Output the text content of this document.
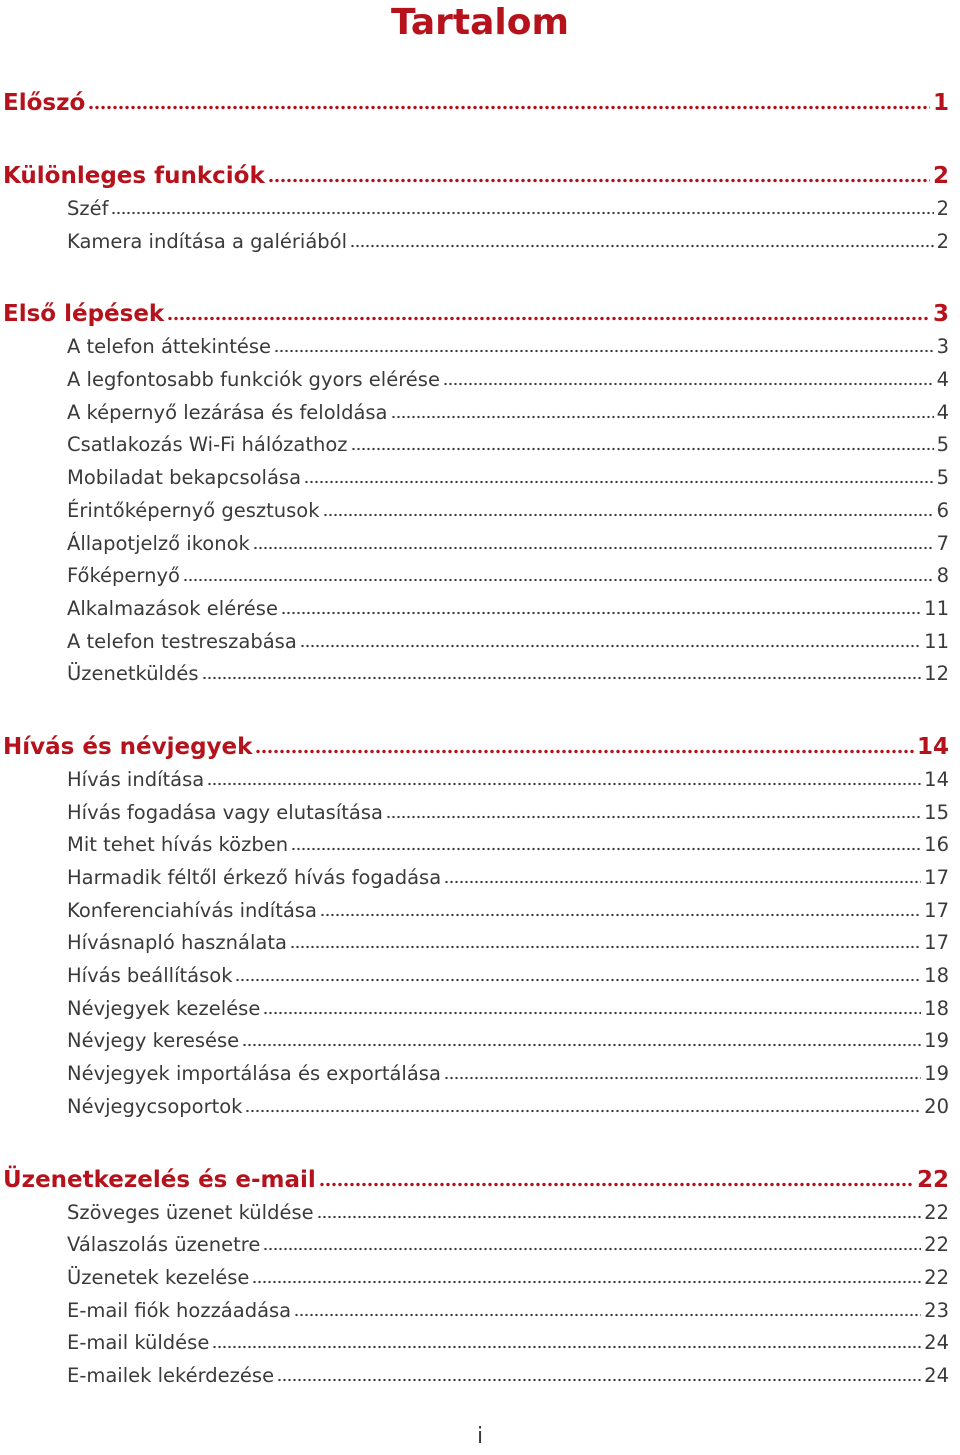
Tartalom
Előszó	1
Különleges funkciók	2
Széf	2
Kamera indítása a galériából	2
Első lépések	3
A telefon áttekintése	3
A legfontosabb funkciók gyors elérése	4
A képernyő lezárása és feloldása	4
Csatlakozás Wi-Fi hálózathoz	5
Mobiladat bekapcsolása	5
Érintőképernyő gesztusok	6
Állapotjelző ikonok	7
Főképernyő	8
Alkalmazások elérése	11
A telefon testreszabása	11
Üzenetküldés	12
Hívás és névjegyek	14
Hívás indítása	14
Hívás fogadása vagy elutasítása	15
Mit tehet hívás közben	16
Harmadik féltől érkező hívás fogadása	17
Konferenciahívás indítása	17
Hívásnapló használata	17
Hívás beállítások	18
Névjegyek kezelése	18
Névjegy keresése	19
Névjegyek importálása és exportálása	19
Névjegycsoportok	20
Üzenetkezelés és e-mail	22
Szöveges üzenet küldése	22
Válaszolás üzenetre	22
Üzenetek kezelése	22
E-mail fiók hozzáadása	23
E-mail küldése	24
E-mailek lekérdezése	24
i
